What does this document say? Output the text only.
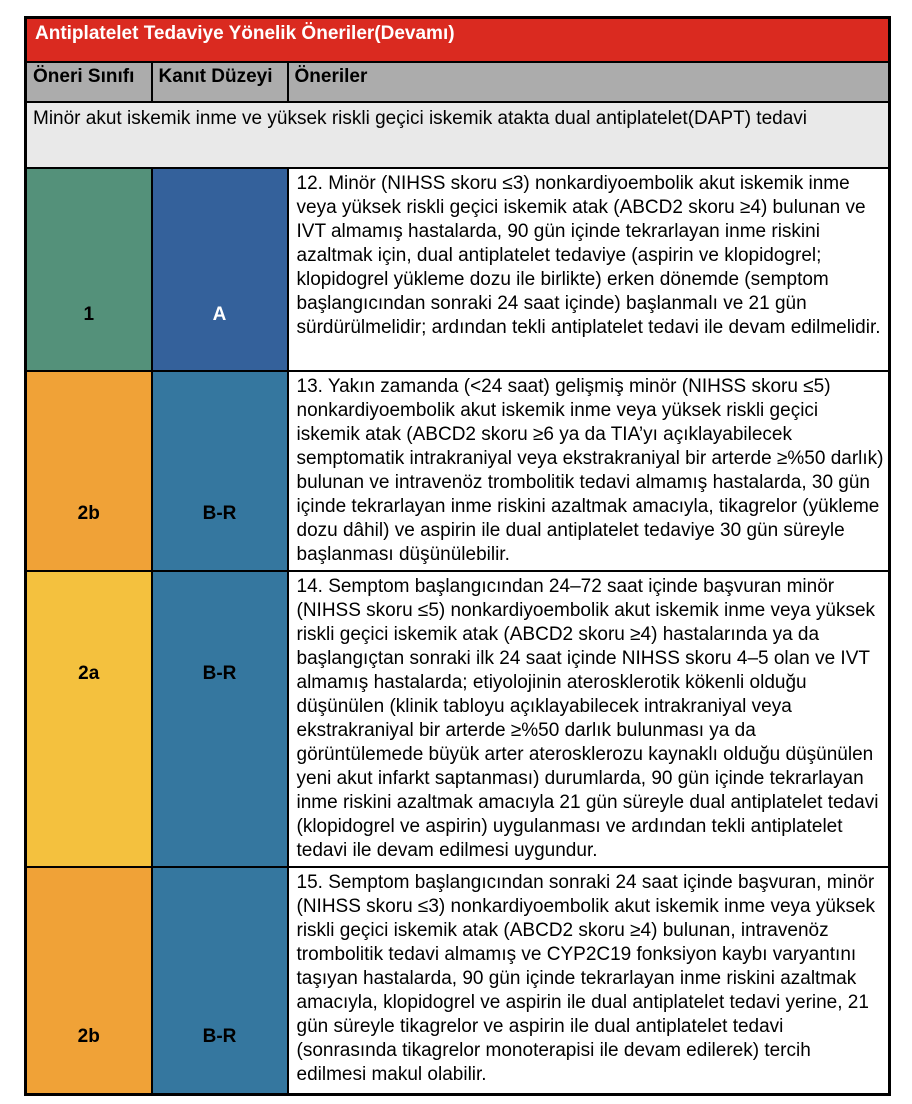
Antiplatelet Tedaviye Yönelik Öneriler(Devamı)		
Öneri Sınıfı	Kanıt Düzeyi	Öneriler
Minör akut iskemik inme ve yüksek riskli geçici iskemik atakta dual antiplatelet(DAPT) tedavi		

1	A	12. Minör (NIHSS skoru ≤3) nonkardiyoembolik akut iskemik inme veya yüksek riskli geçici iskemik atak (ABCD2 skoru ≥4) bulunan ve IVT almamış hastalarda, 90 gün içinde tekrarlayan inme riskini azaltmak için, dual antiplatelet tedaviye (aspirin ve klopidogrel; klopidogrel yükleme dozu ile birlikte) erken dönemde (semptom başlangıcından sonraki 24 saat içinde) başlanmalı ve 21 gün sürdürülmelidir; ardından tekli antiplatelet tedavi ile devam edilmelidir.

2b	B-R	13. Yakın zamanda (<24 saat) gelişmiş minör (NIHSS skoru ≤5) nonkardiyoembolik akut iskemik inme veya yüksek riskli geçici iskemik atak (ABCD2 skoru ≥6 ya da TIA’yı açıklayabilecek semptomatik intrakraniyal veya ekstrakraniyal bir arterde ≥%50 darlık) bulunan ve intravenöz trombolitik tedavi almamış hastalarda, 30 gün içinde tekrarlayan inme riskini azaltmak amacıyla, tikagrelor (yükleme dozu dâhil) ve aspirin ile dual antiplatelet tedaviye 30 gün süreyle başlanması düşünülebilir.

2a	B-R	14. Semptom başlangıcından 24–72 saat içinde başvuran minör (NIHSS skoru ≤5) nonkardiyoembolik akut iskemik inme veya yüksek riskli geçici iskemik atak (ABCD2 skoru ≥4) hastalarında ya da başlangıçtan sonraki ilk 24 saat içinde NIHSS skoru 4–5 olan ve IVT almamış hastalarda; etiyolojinin aterosklerotik kökenli olduğu düşünülen (klinik tabloyu açıklayabilecek intrakraniyal veya ekstrakraniyal bir arterde ≥%50 darlık bulunması ya da görüntülemede büyük arter aterosklerozu kaynaklı olduğu düşünülen yeni akut infarkt saptanması) durumlarda, 90 gün içinde tekrarlayan inme riskini azaltmak amacıyla 21 gün süreyle dual antiplatelet tedavi (klopidogrel ve aspirin) uygulanması ve ardından tekli antiplatelet tedavi ile devam edilmesi uygundur.

2b	B-R	15. Semptom başlangıcından sonraki 24 saat içinde başvuran, minör (NIHSS skoru ≤3) nonkardiyoembolik akut iskemik inme veya yüksek riskli geçici iskemik atak (ABCD2 skoru ≥4) bulunan, intravenöz trombolitik tedavi almamış ve CYP2C19 fonksiyon kaybı varyantını taşıyan hastalarda, 90 gün içinde tekrarlayan inme riskini azaltmak amacıyla, klopidogrel ve aspirin ile dual antiplatelet tedavi yerine, 21 gün süreyle tikagrelor ve aspirin ile dual antiplatelet tedavi (sonrasında tikagrelor monoterapisi ile devam edilerek) tercih edilmesi makul olabilir.
